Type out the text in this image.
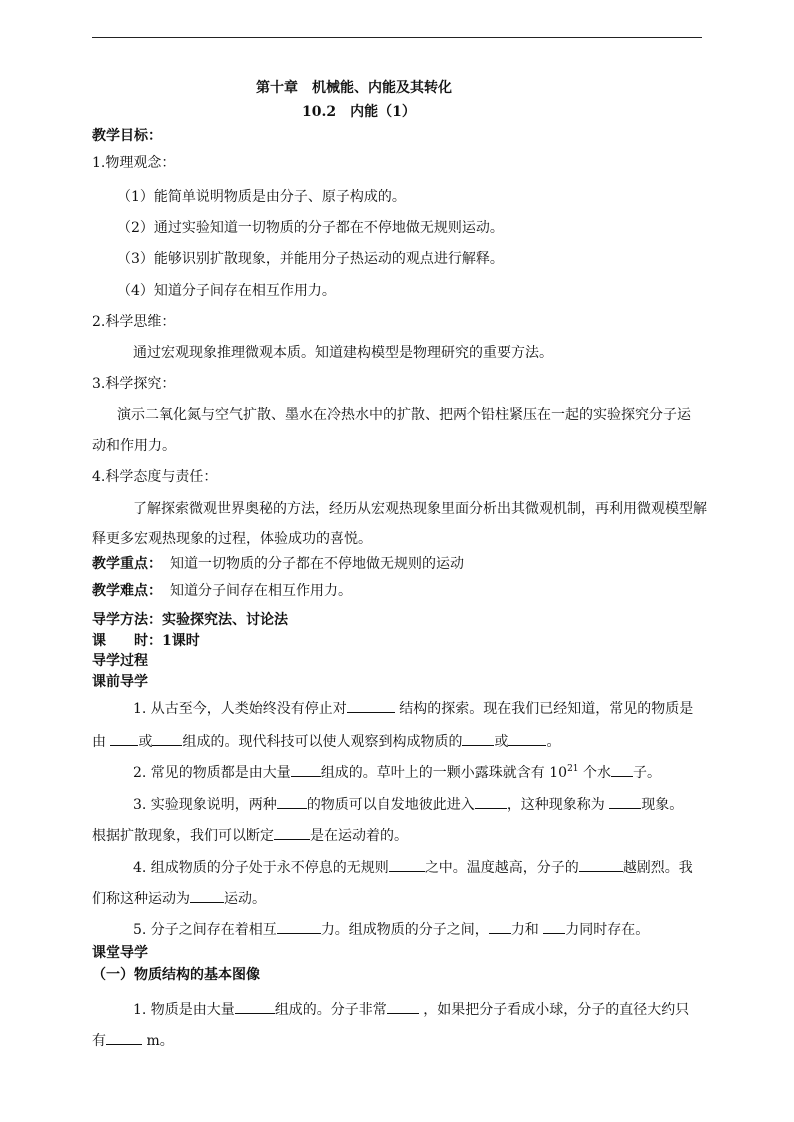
第十章　机械能、内能及其转化
10.2　内能（1）
教学目标：
1.物理观念：
（1）能简单说明物质是由分子、原子构成的。
（2）通过实验知道一切物质的分子都在不停地做无规则运动。
（3）能够识别扩散现象，并能用分子热运动的观点进行解释。
（4）知道分子间存在相互作用力。
2.科学思维：
通过宏观现象推理微观本质。知道建构模型是物理研究的重要方法。
3.科学探究：
演示二氧化氮与空气扩散、墨水在冷热水中的扩散、把两个铅柱紧压在一起的实验探究分子运
动和作用力。
4.科学态度与责任：
了解探索微观世界奥秘的方法，经历从宏观热现象里面分析出其微观机制，再利用微观模型解
释更多宏观热现象的过程，体验成功的喜悦。
教学重点： 知道一切物质的分子都在不停地做无规则的运动
教学难点： 知道分子间存在相互作用力。
导学方法：实验探究法、讨论法
课　　时：1课时
导学过程
课前导学
1. 从古至今，人类始终没有停止对	结构的探索。现在我们已经知道，常见的物质是
由 或 组成的。现代科技可以使人观察到构成物质的 或	。
2. 常见的物质都是由大量 组成的。草叶上的一颗小露珠就含有 $10^{21}$ 个水 子。
3. 实验现象说明，两种 的物质可以自发地彼此进入 ，这种现象称为 现象。
根据扩散现象，我们可以断定	是在运动着的。
4. 组成物质的分子处于永不停息的无规则	之中。温度越高，分子的	越剧烈。我
们称这种运动为 运动。
5. 分子之间存在着相互	力。组成物质的分子之间， 力和 力同时存在。
课堂导学
（一）物质结构的基本图像
1. 物质是由大量	组成的。分子非常 ，如果把分子看成小球，分子的直径大约只
有	m。
